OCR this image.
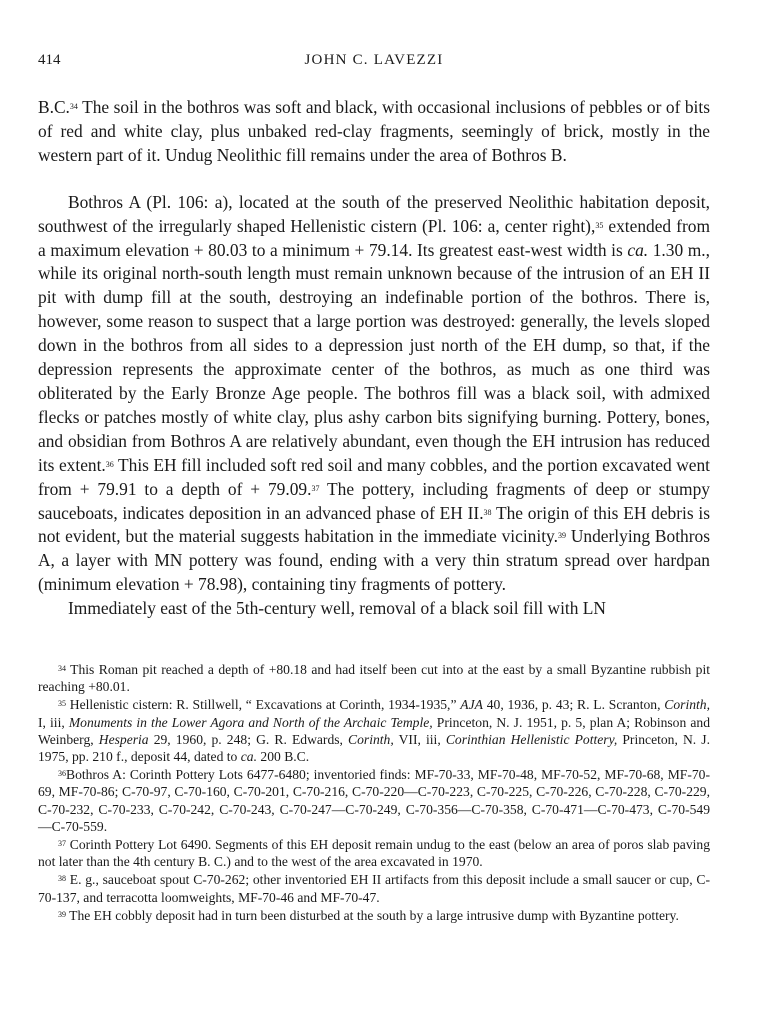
414	JOHN C. LAVEZZI

B.C.$^{34}$ The soil in the bothros was soft and black, with occasional inclusions of pebbles or of bits of red and white clay, plus unbaked red-clay fragments, seemingly of brick, mostly in the western part of it. Undug Neolithic fill remains under the area of Bothros B.

Bothros A (Pl. 106: a), located at the south of the preserved Neolithic habitation deposit, southwest of the irregularly shaped Hellenistic cistern (Pl. 106: a, center right),$^{35}$ extended from a maximum elevation + 80.03 to a minimum + 79.14. Its greatest east-west width is ca. 1.30 m., while its original north-south length must remain unknown because of the intrusion of an EH II pit with dump fill at the south, destroying an indefinable portion of the bothros. There is, however, some reason to suspect that a large portion was destroyed: generally, the levels sloped down in the bothros from all sides to a depression just north of the EH dump, so that, if the depression represents the approximate center of the bothros, as much as one third was obliterated by the Early Bronze Age people. The bothros fill was a black soil, with admixed flecks or patches mostly of white clay, plus ashy carbon bits signifying burning. Pottery, bones, and obsidian from Bothros A are relatively abundant, even though the EH intrusion has reduced its extent.$^{36}$ This EH fill included soft red soil and many cobbles, and the portion excavated went from + 79.91 to a depth of + 79.09.37 The pottery, including fragments of deep or stumpy sauceboats, indicates deposition in an advanced phase of EH II.$^{38}$ The origin of this EH debris is not evident, but the material suggests habitation in the immediate vicinity.$^{39}$ Underlying Bothros A, a layer with MN pottery was found, ending with a very thin stratum spread over hardpan (minimum elevation + 78.98), containing tiny fragments of pottery.

Immediately east of the 5th-century well, removal of a black soil fill with LN

$^{34}$ This Roman pit reached a depth of +80.18 and had itself been cut into at the east by a small Byzantine rubbish pit reaching +80.01.

$^{35}$ Hellenistic cistern: R. Stillwell, “ Excavations at Corinth, 1934-1935,” AJA 40, 1936, p. 43; R. L. Scranton, Corinth, I, iii, Monuments in the Lower Agora and North of the Archaic Temple, Princeton, N. J. 1951, p. 5, plan A; Robinson and Weinberg, Hesperia 29, 1960, p. 248; G. R. Edwards, Corinth, VII, iii, Corinthian Hellenistic Pottery, Princeton, N. J. 1975, pp. 210 f., deposit 44, dated to ca. 200 B.C.

$^{36}$Bothros A: Corinth Pottery Lots 6477-6480; inventoried finds: MF-70-33, MF-70-48, MF-70-52, MF-70-68, MF-70-69, MF-70-86; C-70-97, C-70-160, C-70-201, C-70-216, C-70-220—C-70-223, C-70-225, C-70-226, C-70-228, C-70-229, C-70-232, C-70-233, C-70-242, C-70-243, C-70-247—C-70-249, C-70-356—C-70-358, C-70-471—C-70-473, C-70-549—C-70-559.

$^{37}$ Corinth Pottery Lot 6490. Segments of this EH deposit remain undug to the east (below an area of poros slab paving not later than the 4th century B. C.) and to the west of the area excavated in 1970.

$^{38}$ E. g., sauceboat spout C-70-262; other inventoried EH II artifacts from this deposit include a small saucer or cup, C-70-137, and terracotta loomweights, MF-70-46 and MF-70-47.

$^{39}$ The EH cobbly deposit had in turn been disturbed at the south by a large intrusive dump with Byzantine pottery.
